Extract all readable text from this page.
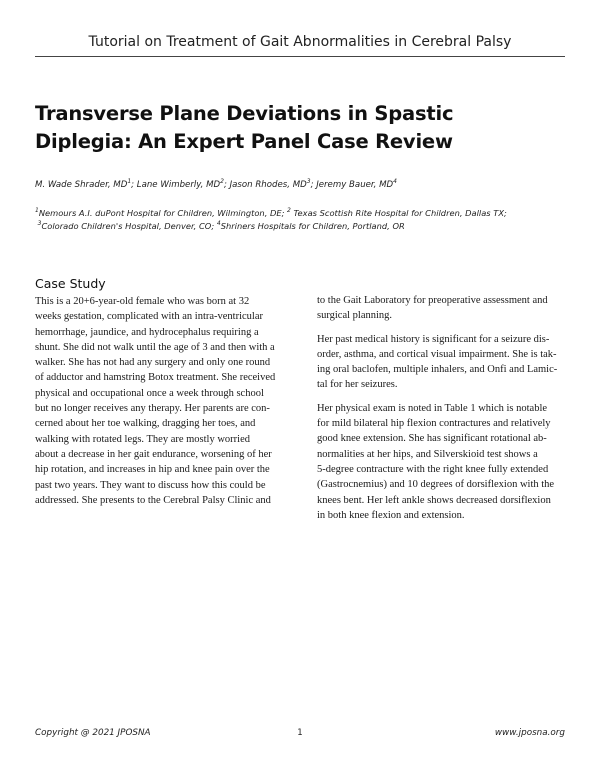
Tutorial on Treatment of Gait Abnormalities in Cerebral Palsy
Transverse Plane Deviations in Spastic
Diplegia: An Expert Panel Case Review
M. Wade Shrader, $MD^1$; Lane Wimberly, $MD^2$; Jason Rhodes, $MD^3$; Jeremy Bauer, $MD^4$
$^1$Nemours A.I. duPont Hospital for Children, Wilmington, DE; $^2$ Texas Scottish Rite Hospital for Children, Dallas TX;
$^3$Colorado Children's Hospital, Denver, CO; $^4$Shriners Hospitals for Children, Portland, OR
Case Study
This is a 20+6-year-old female who was born at 32
weeks gestation, complicated with an intra-ventricular
hemorrhage, jaundice, and hydrocephalus requiring a
shunt. She did not walk until the age of 3 and then with a
walker. She has not had any surgery and only one round
of adductor and hamstring Botox treatment. She received
physical and occupational once a week through school
but no longer receives any therapy. Her parents are con-
cerned about her toe walking, dragging her toes, and
walking with rotated legs. They are mostly worried
about a decrease in her gait endurance, worsening of her
hip rotation, and increases in hip and knee pain over the
past two years. They want to discuss how this could be
addressed. She presents to the Cerebral Palsy Clinic and
to the Gait Laboratory for preoperative assessment and
surgical planning.
Her past medical history is significant for a seizure dis-
order, asthma, and cortical visual impairment. She is tak-
ing oral baclofen, multiple inhalers, and Onfi and Lamic-
tal for her seizures.
Her physical exam is noted in Table 1 which is notable
for mild bilateral hip flexion contractures and relatively
good knee extension. She has significant rotational ab-
normalities at her hips, and Silverskioid test shows a
5-degree contracture with the right knee fully extended
(Gastrocnemius) and 10 degrees of dorsiflexion with the
knees bent. Her left ankle shows decreased dorsiflexion
in both knee flexion and extension.
Copyright @ 2021 JPOSNA	1	www.jposna.org
